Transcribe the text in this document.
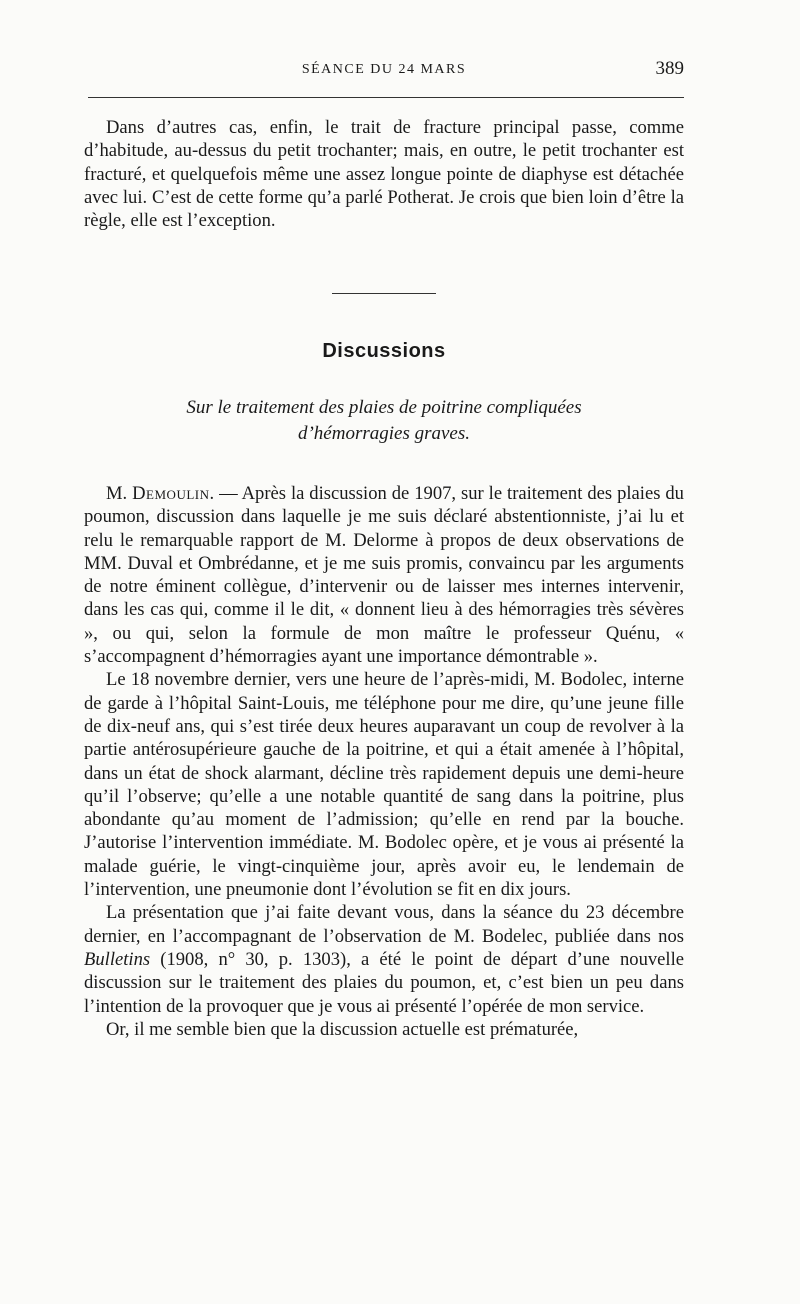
SÉANCE DU 24 MARS	389

Dans d’autres cas, enfin, le trait de fracture principal passe, comme d’habitude, au-dessus du petit trochanter; mais, en outre, le petit trochanter est fracturé, et quelquefois même une assez longue pointe de diaphyse est détachée avec lui. C’est de cette forme qu’a parlé Potherat. Je crois que bien loin d’être la règle, elle est l’exception.

Discussions
Sur le traitement des plaies de poitrine compliquées
d’hémorragies graves.

M. Demoulin. — Après la discussion de 1907, sur le traitement des plaies du poumon, discussion dans laquelle je me suis déclaré abstentionniste, j’ai lu et relu le remarquable rapport de M. Delorme à propos de deux observations de MM. Duval et Ombrédanne, et je me suis promis, convaincu par les arguments de notre éminent collègue, d’intervenir ou de laisser mes internes intervenir, dans les cas qui, comme il le dit, « donnent lieu à des hémorragies très sévères », ou qui, selon la formule de mon maître le professeur Quénu, « s’accompagnent d’hémorragies ayant une importance démontrable ».

Le 18 novembre dernier, vers une heure de l’après-midi, M. Bodolec, interne de garde à l’hôpital Saint-Louis, me téléphone pour me dire, qu’une jeune fille de dix-neuf ans, qui s’est tirée deux heures auparavant un coup de revolver à la partie antérosupérieure gauche de la poitrine, et qui a était amenée à l’hôpital, dans un état de shock alarmant, décline très rapidement depuis une demi-heure qu’il l’observe; qu’elle a une notable quantité de sang dans la poitrine, plus abondante qu’au moment de l’admission; qu’elle en rend par la bouche. J’autorise l’intervention immédiate. M. Bodolec opère, et je vous ai présenté la malade guérie, le vingt-cinquième jour, après avoir eu, le lendemain de l’intervention, une pneumonie dont l’évolution se fit en dix jours.

La présentation que j’ai faite devant vous, dans la séance du 23 décembre dernier, en l’accompagnant de l’observation de M. Bodelec, publiée dans nos Bulletins (1908, n° 30, p. 1303), a été le point de départ d’une nouvelle discussion sur le traitement des plaies du poumon, et, c’est bien un peu dans l’intention de la provoquer que je vous ai présenté l’opérée de mon service.

Or, il me semble bien que la discussion actuelle est prématurée,
